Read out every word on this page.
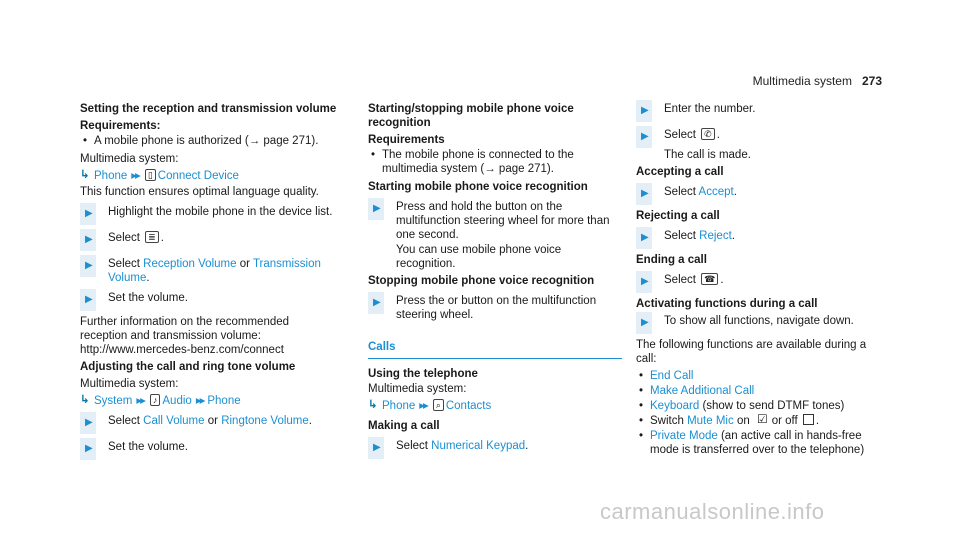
Multimedia system 273
Setting the reception and transmission volume
Requirements:
• A mobile phone is authorized (→ page 271).
Multimedia system:
↳ Phone ▸▸ ▯ Connect Device
This function ensures optimal language quality.
▶ Highlight the mobile phone in the device list.
▶ Select ≣ .
▶ Select Reception Volume or Transmission Volume.
▶ Set the volume.
Further information on the recommended reception and transmission volume: http://www.mercedes-benz.com/connect
Adjusting the call and ring tone volume
Multimedia system:
↳ System ▸▸ ♪ Audio ▸▸ Phone
▶ Select Call Volume or Ringtone Volume.
▶ Set the volume.
Starting/stopping mobile phone voice recognition
Requirements
• The mobile phone is connected to the multimedia system (→ page 271).
Starting mobile phone voice recognition
▶ Press and hold the button on the multifunction steering wheel for more than one second.
You can use mobile phone voice recognition.
Stopping mobile phone voice recognition
▶ Press the or button on the multifunction steering wheel.
Calls
Using the telephone
Multimedia system:
↳ Phone ▸▸ ⌕ Contacts
Making a call
▶ Select Numerical Keypad.
▶ Enter the number.
▶ Select ✆ .
The call is made.
Accepting a call
▶ Select Accept.
Rejecting a call
▶ Select Reject.
Ending a call
▶ Select ☎ .
Activating functions during a call
▶ To show all functions, navigate down.
The following functions are available during a call:
• End Call
• Make Additional Call
• Keyboard (show to send DTMF tones)
• Switch Mute Mic on ☑ or off .
• Private Mode (an active call in hands-free mode is transferred over to the telephone)
carmanualsonline.info
